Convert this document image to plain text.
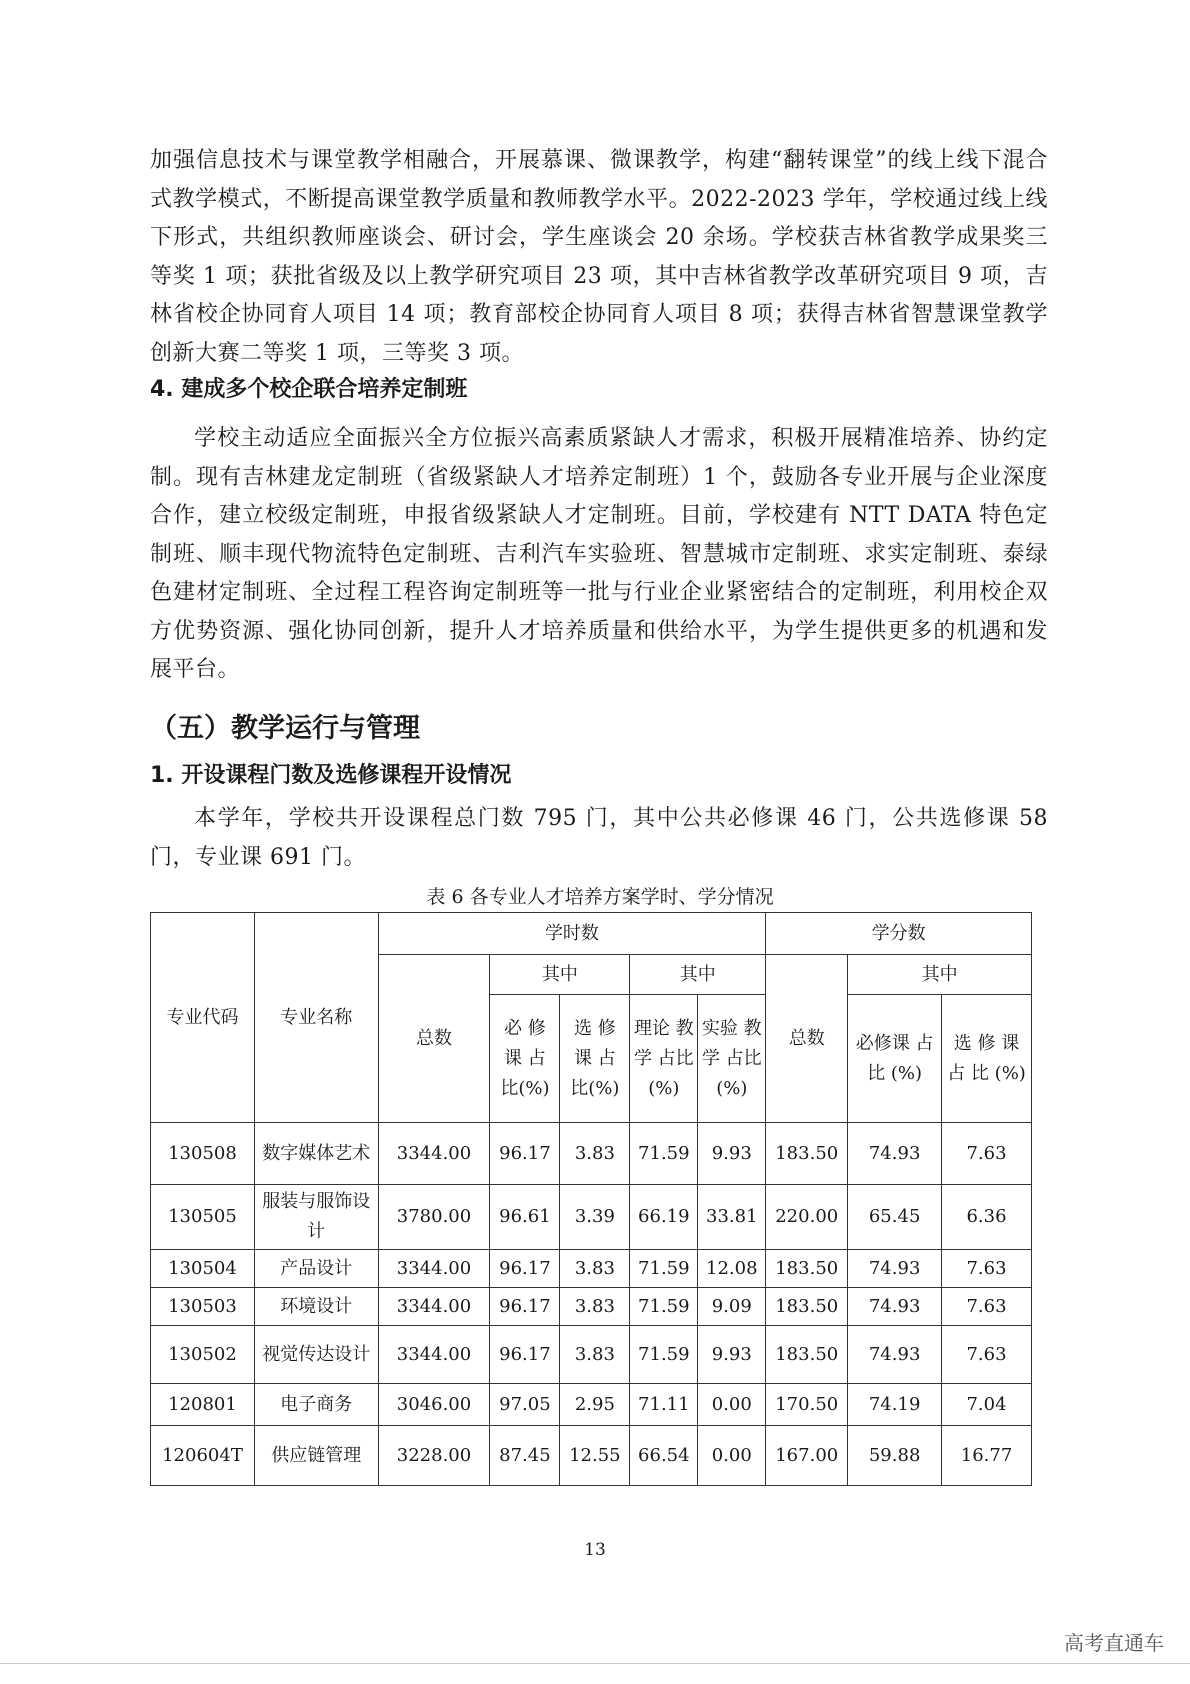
加强信息技术与课堂教学相融合，开展慕课、微课教学，构建“翻转课堂”的线上线下混合式教学模式，不断提高课堂教学质量和教师教学水平。2022-2023 学年，学校通过线上线下形式，共组织教师座谈会、研讨会，学生座谈会 20 余场。学校获吉林省教学成果奖三等奖 1 项；获批省级及以上教学研究项目 23 项，其中吉林省教学改革研究项目 9 项，吉林省校企协同育人项目 14 项；教育部校企协同育人项目 8 项；获得吉林省智慧课堂教学创新大赛二等奖 1 项，三等奖 3 项。
4. 建成多个校企联合培养定制班
学校主动适应全面振兴全方位振兴高素质紧缺人才需求，积极开展精准培养、协约定制。现有吉林建龙定制班（省级紧缺人才培养定制班）1 个，鼓励各专业开展与企业深度合作，建立校级定制班，申报省级紧缺人才定制班。目前，学校建有 NTT DATA 特色定制班、顺丰现代物流特色定制班、吉利汽车实验班、智慧城市定制班、求实定制班、泰绿色建材定制班、全过程工程咨询定制班等一批与行业企业紧密结合的定制班，利用校企双方优势资源、强化协同创新，提升人才培养质量和供给水平，为学生提供更多的机遇和发展平台。
（五）教学运行与管理
1. 开设课程门数及选修课程开设情况
本学年，学校共开设课程总门数 795 门，其中公共必修课 46 门，公共选修课 58 门，专业课 691 门。
表 6 各专业人才培养方案学时、学分情况
专业代码	专业名称	学时数					学分数		
		总数	其中		其中		总数	其中	
			必 修 课 占 比(%)	选 修 课 占 比(%)	理论 教学 占比 (%)	实验 教学 占比 (%)		必修课 占 比 (%)	选 修 课 占 比 (%)
130508	数字媒体艺术	3344.00	96.17	3.83	71.59	9.93	183.50	74.93	7.63
130505	服装与服饰设计	3780.00	96.61	3.39	66.19	33.81	220.00	65.45	6.36
130504	产品设计	3344.00	96.17	3.83	71.59	12.08	183.50	74.93	7.63
130503	环境设计	3344.00	96.17	3.83	71.59	9.09	183.50	74.93	7.63
130502	视觉传达设计	3344.00	96.17	3.83	71.59	9.93	183.50	74.93	7.63
120801	电子商务	3046.00	97.05	2.95	71.11	0.00	170.50	74.19	7.04
120604T	供应链管理	3228.00	87.45	12.55	66.54	0.00	167.00	59.88	16.77
13
高考直通车
